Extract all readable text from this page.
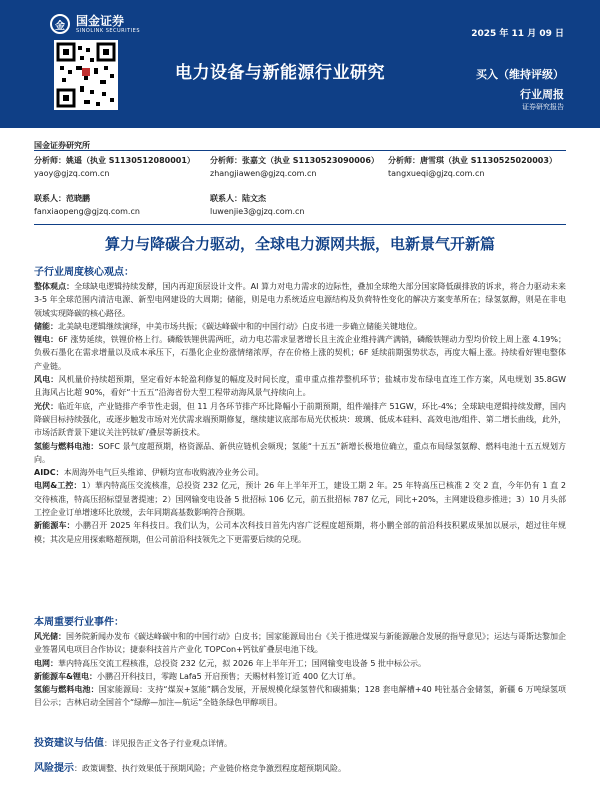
金 国金证券
SINOLINK SECURITIES	2025 年 11 月 09 日
电力设备与新能源行业研究	买入（维持评级）
行业周报
证券研究报告
国金证券研究所
分析师：姚遥（执业 S1130512080001）
yaoy@gjzq.com.cn
分析师：张嘉文（执业 S1130523090006）
zhangjiawen@gjzq.com.cn
分析师：唐雪琪（执业 S1130525020003）
tangxueqi@gjzq.com.cn
联系人：范晓鹏
fanxiaopeng@gjzq.com.cn
联系人：陆文杰
luwenjie3@gjzq.com.cn
算力与降碳合力驱动，全球电力源网共振，电新景气开新篇
子行业周度核心观点：

整体观点：全球缺电逻辑持续发酵，国内再迎顶层设计文件。AI 算力对电力需求的边际性，叠加全球绝大部分国家降低碳排放的诉求，将合力驱动未来 3-5 年全球范围内清洁电源、新型电网建设的大周期；储能，则是电力系统适应电源结构及负荷特性变化的解决方案变革所在；绿氢氨醇，则是在非电领域实现降碳的核心路径。

储能：北美缺电逻辑继续演绎，中美市场共振；《碳达峰碳中和的中国行动》白皮书进一步确立储能关键地位。

锂电：6F 涨势延续，铁锂价格上行。磷酸铁锂供需两旺，动力电芯需求显著增长且主流企业维持满产满销，磷酸铁锂动力型均价较上周上涨 4.19%；负极石墨化在需求增量以及成本承压下，石墨化企业纷涨情绪浓厚，存在价格上涨的契机；6F 延续前期强势状态，再度大幅上涨。持续看好锂电整体产业链。

风电：风机量价持续超预期，坚定看好本轮盈利修复的幅度及时间长度，重申重点推荐整机环节；盐城市发布绿电直连工作方案，风电规划 35.8GW 且海风占比超 90%，看好“十五五”沿海省份大型工程带动海风景气持续向上。

光伏：临近年底，产业链排产季节性走弱，但 11 月各环节排产环比降幅小于前期预期，组件端排产 51GW，环比-4%；全球缺电逻辑持续发酵，国内降碳目标持续强化，或逐步触发市场对光伏需求端预期修复，继续建议底部布局光伏板块：玻璃、低成本硅料、高效电池/组件、第二增长曲线，此外，市场活跃背景下建议关注钙钛矿/叠层等新技术。

氢能与燃料电池：SOFC 景气度超预期，格资源品、新供应链机会频现；氢能“十五五”新增长极地位确立，重点布局绿氢氨醇、燃料电池十五五规划方向。

AIDC：本周海外电气巨头维谛、伊顿均宣布收购液冷业务公司。

电网&工控：1）華内特高压交流核准，总投资 232 亿元，预计 26 年上半年开工，建设工期 2 年。25 年特高压已核准 2 交 2 直，今年仍有 1 直 2 交待核准，特高压招标望显著提速；2）国网输变电设备 5 批招标 106 亿元，前五批招标 787 亿元，同比+20%，主网建设稳步推进；3）10 月头部工控企业订单增速环比放缓，去年同期高基数影响符合预期。

新能源车：小鹏召开 2025 年科技日。我们认为，公司本次科技日首先内容广泛程度超预期，将小鹏全部的前沿科技积累成果加以展示，超过往年规模；其次是应用探索略超预期，但公司前沿科技领先之下更需要后续的兑现。

本周重要行业事件：

风光储：国务院新闻办发布《碳达峰碳中和的中国行动》白皮书；国家能源局出台《关于推进煤炭与新能源融合发展的指导意见》；运达与哥斯达黎加企业签署风电项目合作协议；捷泰科技首片产业化 TOPCon+钙钛矿叠层电池下线。

电网：華内特高压交流工程核准，总投资 232 亿元，拟 2026 年上半年开工；国网输变电设备 5 批中标公示。

新能源车&锂电：小鹏召开科技日，零跑 Lafa5 开启预售；天赐材料签订近 400 亿大订单。

氢能与燃料电池：国家能源局：支持“煤炭+氢能”耦合发展，开展规模化绿氢替代和碳捕集；128 套电解槽+40 吨钍基合金储氢，新疆 6 万吨绿氢项目公示；吉林启动全国首个“绿醇—加注—航运”全链条绿色甲醇项目。

投资建议与估值：详见报告正文各子行业观点详情。
风险提示：政策调整、执行效果低于预期风险；产业链价格竞争激烈程度超预期风险。
